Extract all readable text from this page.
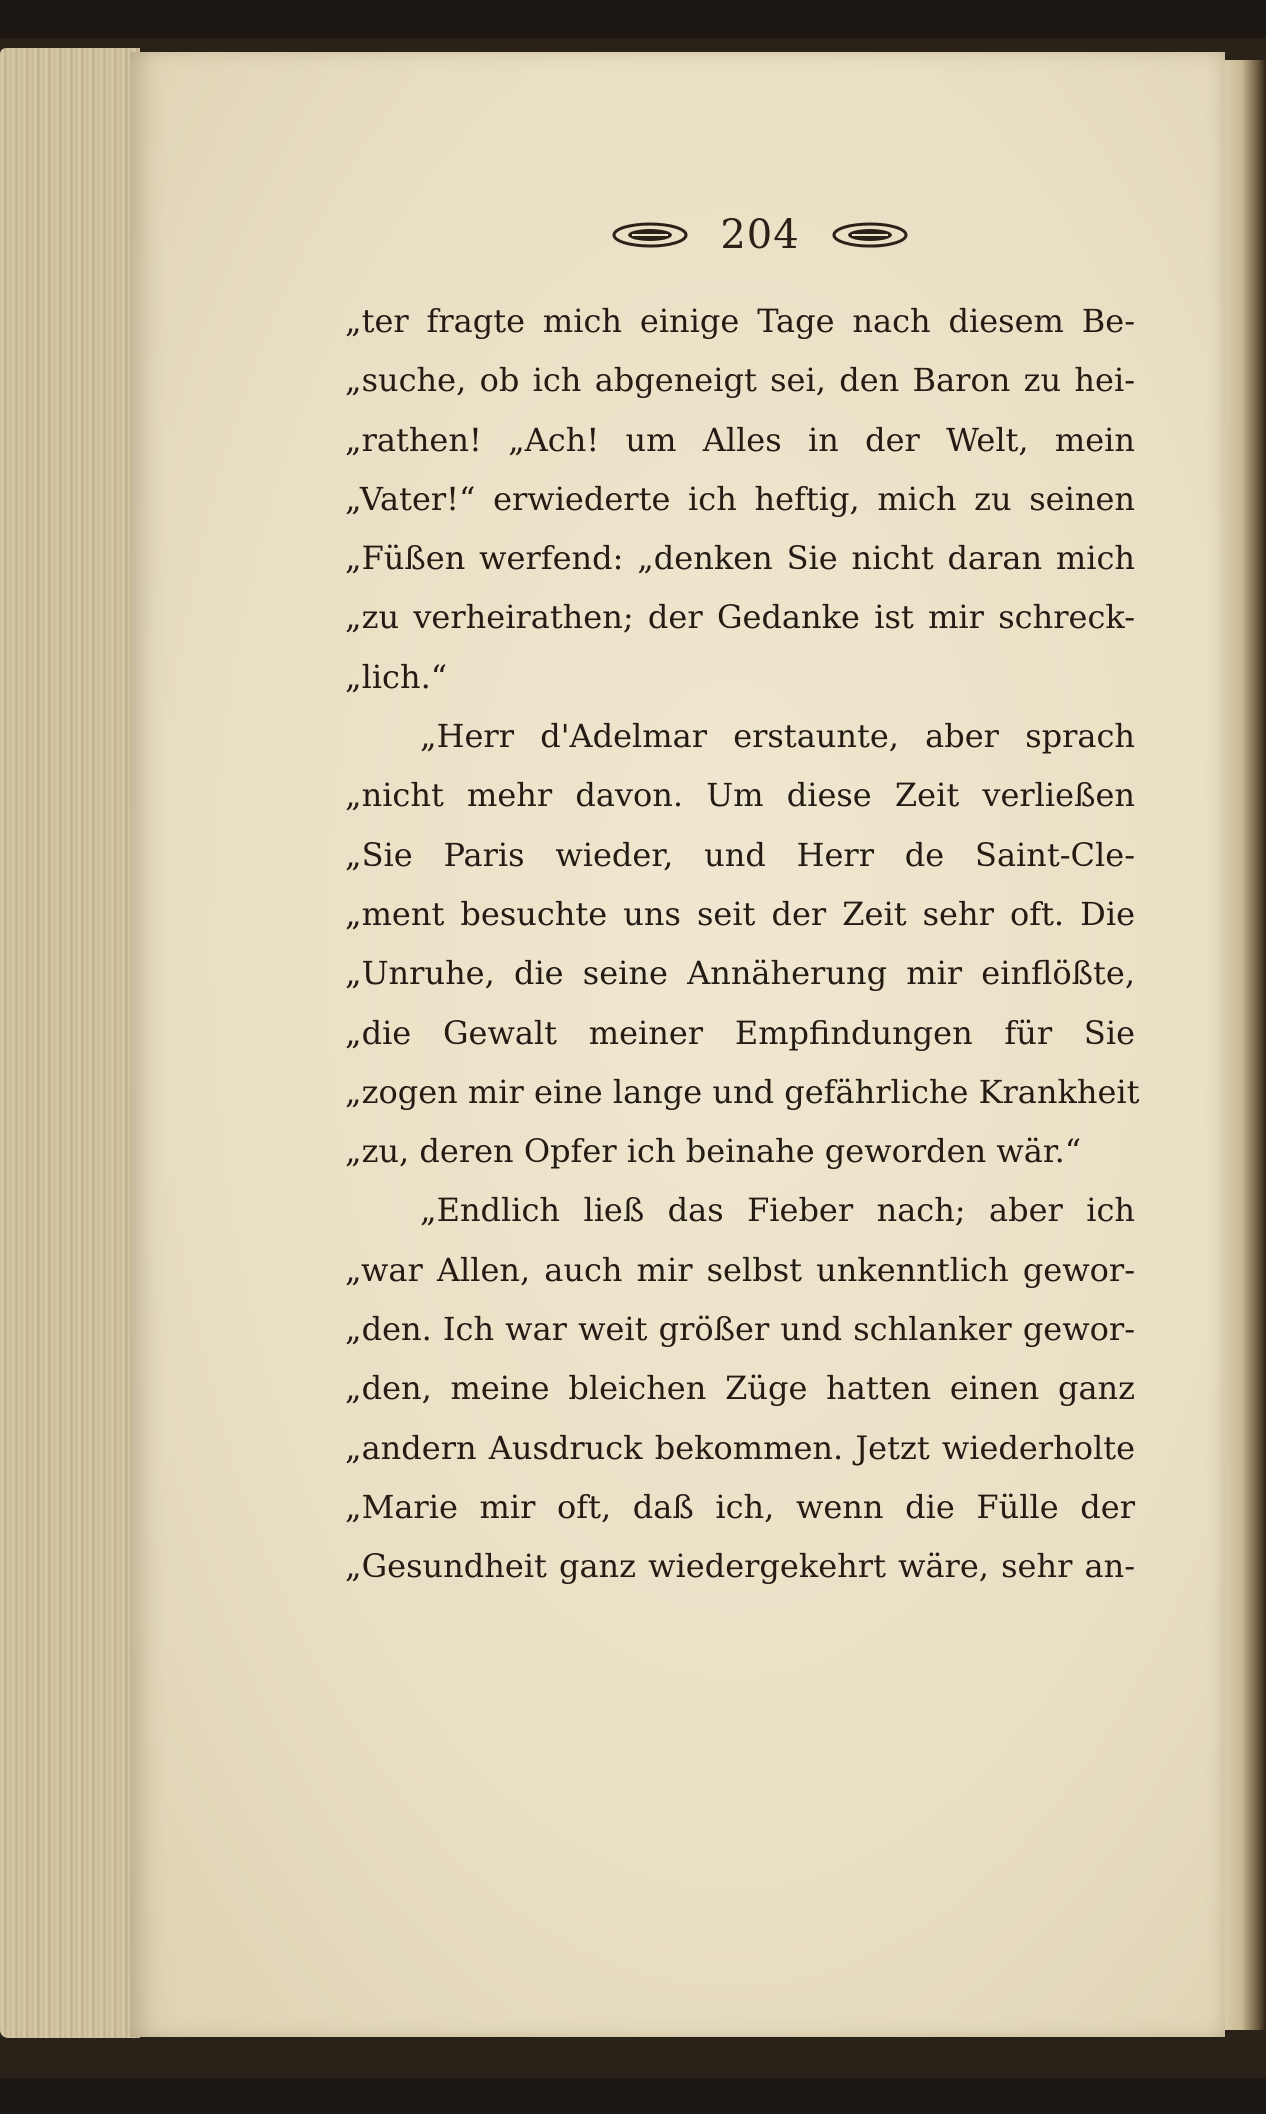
204
„ter fragte mich einige Tage nach diesem Be-
„suche, ob ich abgeneigt sei, den Baron zu hei-
„rathen! „Ach! um Alles in der Welt, mein
„Vater!“ erwiederte ich heftig, mich zu seinen
„Füßen werfend: „denken Sie nicht daran mich
„zu verheirathen; der Gedanke ist mir schreck-
„lich.“
„Herr d'Adelmar erstaunte, aber sprach
„nicht mehr davon. Um diese Zeit verließen
„Sie Paris wieder, und Herr de Saint-Cle-
„ment besuchte uns seit der Zeit sehr oft. Die
„Unruhe, die seine Annäherung mir einflößte,
„die Gewalt meiner Empfindungen für Sie
„zogen mir eine lange und gefährliche Krankheit
„zu, deren Opfer ich beinahe geworden wär.“
„Endlich ließ das Fieber nach; aber ich
„war Allen, auch mir selbst unkenntlich gewor-
„den. Ich war weit größer und schlanker gewor-
„den, meine bleichen Züge hatten einen ganz
„andern Ausdruck bekommen. Jetzt wiederholte
„Marie mir oft, daß ich, wenn die Fülle der
„Gesundheit ganz wiedergekehrt wäre, sehr an-
